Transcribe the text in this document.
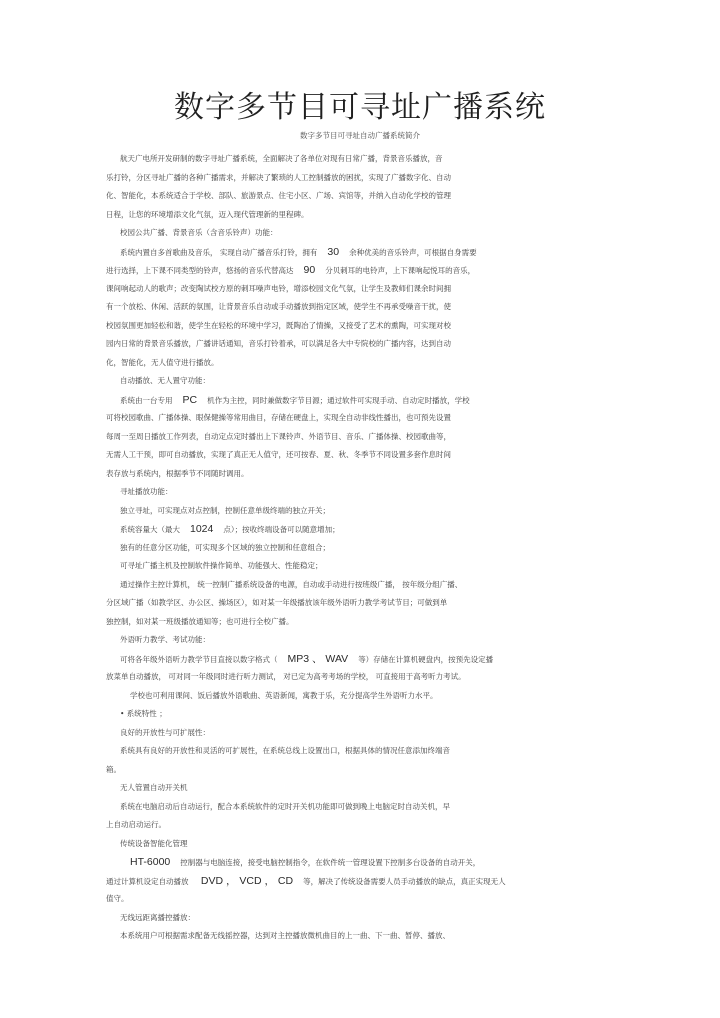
数字多节目可寻址广播系统
数字多节目可寻址自动广播系统简介
航天广电所开发研制的数字寻址广播系统，全面解决了各单位对现有日常广播，背景音乐播放，音
乐打铃，分区寻址广播的各种广播需求，并解决了繁琐的人工控制播放的困扰，实现了广播数字化、自动
化、智能化，本系统适合于学校、部队、旅游景点、住宅小区、广场、宾馆等，并纳入自动化学校的管理
日程，让您的环境增添文化气氛，迈入现代管理新的里程碑。
校园公共广播、背景音乐（含音乐铃声）功能：
系统内置自多首歌曲及音乐， 实现自动广播音乐打铃，拥有 30 余种优美的音乐铃声，可根据自身需要
进行选择，上下课不同类型的铃声，悠扬的音乐代替高达 90 分贝刺耳的电铃声，上下课响起悦耳的音乐，
课间响起动人的歌声；改变陶试校方原的刺耳噪声电铃，增添校园文化气氛，让学生及教师们课余时间拥
有一个放松、休闲、活跃的氛围，让背景音乐自动或手动播放到指定区域，使学生不再承受噪音干扰，使
校园氛围更加轻松和谐，使学生在轻松的环境中学习，既陶冶了情操，又接受了艺术的熏陶，可实现对校
园内日常的背景音乐播放，广播讲话通知，音乐打铃着承，可以满足各大中专院校的广播内容，达到自动
化，智能化，无人值守进行播放。
自动播放、无人置守功能：
系统由一台专用 PC 机作为主控，同时兼做数字节目源；通过软件可实现手动、自动定时播放，学校
可将校园歌曲、广播体操、眼保健操等常用曲目，存储在硬盘上，实现全自动非线性播出，也可预先设置
每周一至周日播放工作列表，自动定点定时播出上下课铃声、外语节目、音乐、广播体操、校园歌曲等，
无需人工干预，即可自动播放，实现了真正无人值守，还可按春、夏、秋、冬季节不同设置多套作息时间
表存放与系统内，根据季节不同随时调用。
寻址播放功能：
独立寻址，可实现点对点控制，控制任意单级终端的独立开关；
系统容量大（最大 1024 点）；按收终端设备可以随意增加；
独有的任意分区功能，可实现多个区域的独立控制和任意组合；
可寻址广播主机及控制软件操作简单、功能强大、性能稳定；
通过操作主控计算机， 统一控制广播系统设备的电源，自动或手动进行按班级广播， 按年级分组广播、
分区域广播（如教学区、办公区、操场区），如对某一年级播放该年级外语听力教学考试节目；可做到单
独控制，如对某一班级播放通知等；也可进行全校广播。
外语听力教学、考试功能：
可将各年级外语听力教学节目直接以数字格式（ MP3 、 WAV 等）存储在计算机硬盘内，按预先设定播
放菜单自动播放， 可对同一年级同时进行听力测试， 对已定为高考考场的学校， 可直接用于高考听力考试。
学校也可利用课间、饭后播放外语歌曲、英语新闻，寓教于乐，充分提高学生外语听力水平。
• 系统特性 ；
良好的开放性与可扩展性：
系统具有良好的开放性和灵活的可扩展性，在系统总线上设置出口，根据具体的情况任意添加终端音
箱。
无人管置自动开关机
系统在电脑启动后自动运行，配合本系统软件的定时开关机功能即可做到晚上电脑定时自动关机，早
上自动启动运行。
传统设备智能化管理
HT-6000 控制器与电脑连接，接受电脑控制指令，在软件统一管理设置下控制多台设备的自动开关，
通过计算机设定自动播放 DVD ， VCD ， CD 等，解决了传统设备需要人员手动播放的缺点，真正实现无人
值守。
无线远距离播控播放：
本系统用户可根据需求配备无线摇控器，达到对主控播放微机曲目的上一曲、下一曲、暂停、播放、
